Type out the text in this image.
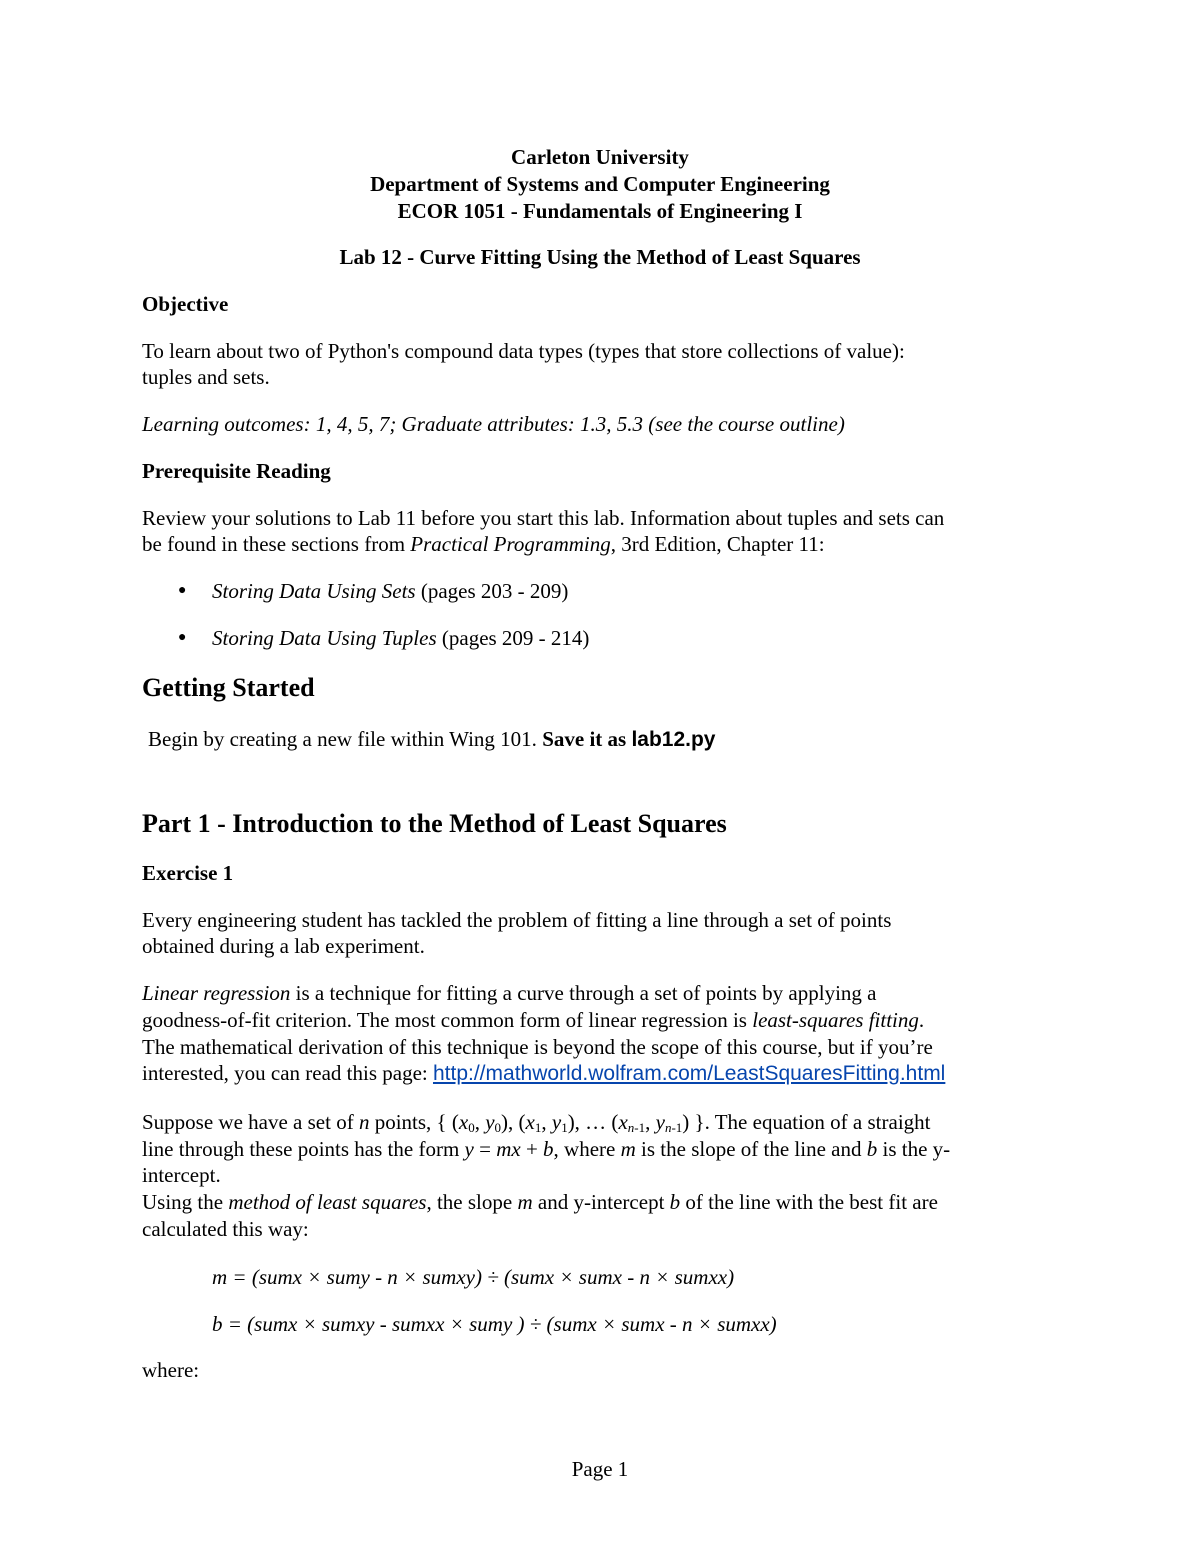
Carleton University
Department of Systems and Computer Engineering
ECOR 1051 - Fundamentals of Engineering I
Lab 12 - Curve Fitting Using the Method of Least Squares
Objective
To learn about two of Python's compound data types (types that store collections of value):
tuples and sets.
Learning outcomes: 1, 4, 5, 7; Graduate attributes: 1.3, 5.3 (see the course outline)
Prerequisite Reading
Review your solutions to Lab 11 before you start this lab. Information about tuples and sets can
be found in these sections from Practical Programming, 3rd Edition, Chapter 11:
● Storing Data Using Sets (pages 203 - 209)
● Storing Data Using Tuples (pages 209 - 214)
Getting Started
Begin by creating a new file within Wing 101. Save it as lab12.py
Part 1 - Introduction to the Method of Least Squares
Exercise 1
Every engineering student has tackled the problem of fitting a line through a set of points
obtained during a lab experiment.
Linear regression is a technique for fitting a curve through a set of points by applying a
goodness-of-fit criterion. The most common form of linear regression is least-squares fitting.
The mathematical derivation of this technique is beyond the scope of this course, but if you’re
interested, you can read this page: http://mathworld.wolfram.com/LeastSquaresFitting.html
Suppose we have a set of n points, { ($x_0$, $y_0$), ($x_1$, $y_1$), … ($x_{n-1}$, $y_{n-1}$) }. The equation of a straight
line through these points has the form y = mx + b, where m is the slope of the line and b is the y-
intercept.
Using the method of least squares, the slope m and y-intercept b of the line with the best fit are
calculated this way:
m = (sumx × sumy - n × sumxy) ÷ (sumx × sumx - n × sumxx)
b = (sumx × sumxy - sumxx × sumy ) ÷ (sumx × sumx - n × sumxx)
where:
Page 1
